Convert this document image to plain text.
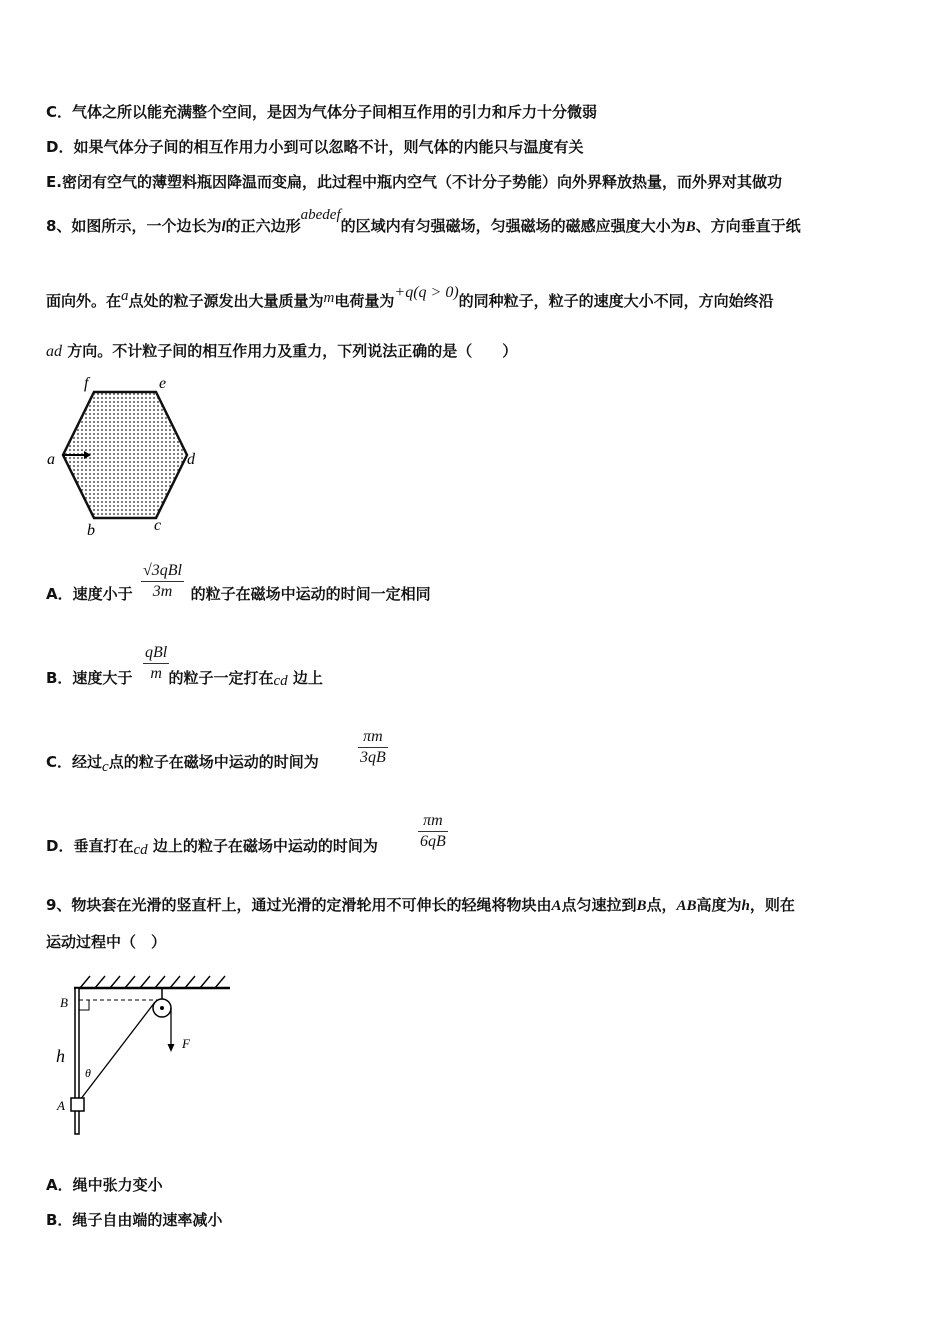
C．气体之所以能充满整个空间，是因为气体分子间相互作用的引力和斥力十分微弱
D．如果气体分子间的相互作用力小到可以忽略不计，则气体的内能只与温度有关
E.密闭有空气的薄塑料瓶因降温而变扁，此过程中瓶内空气（不计分子势能）向外界释放热量，而外界对其做功
8、如图所示，一个边长为l的正六边形abedef的区域内有匀强磁场，匀强磁场的磁感应强度大小为B、方向垂直于纸
面向外。在a点处的粒子源发出大量质量为m电荷量为+q(q > 0)的同种粒子，粒子的速度大小不同，方向始终沿
ad 方向。不计粒子间的相互作用力及重力，下列说法正确的是（　　）
f	e
a	d
b	c
A．速度小于	的粒子在磁场中运动的时间一定相同
√3qBl
3m
B．速度大于 的粒子一定打在cd 边上
qBl
m
C．经过c点的粒子在磁场中运动的时间为
πm
3qB
D．垂直打在cd 边上的粒子在磁场中运动的时间为
πm
6qB
9、物块套在光滑的竖直杆上，通过光滑的定滑轮用不可伸长的轻绳将物块由A点匀速拉到B点，AB高度为h，则在
运动过程中（　）
B
h
θ
A
F
A．绳中张力变小
B．绳子自由端的速率减小
